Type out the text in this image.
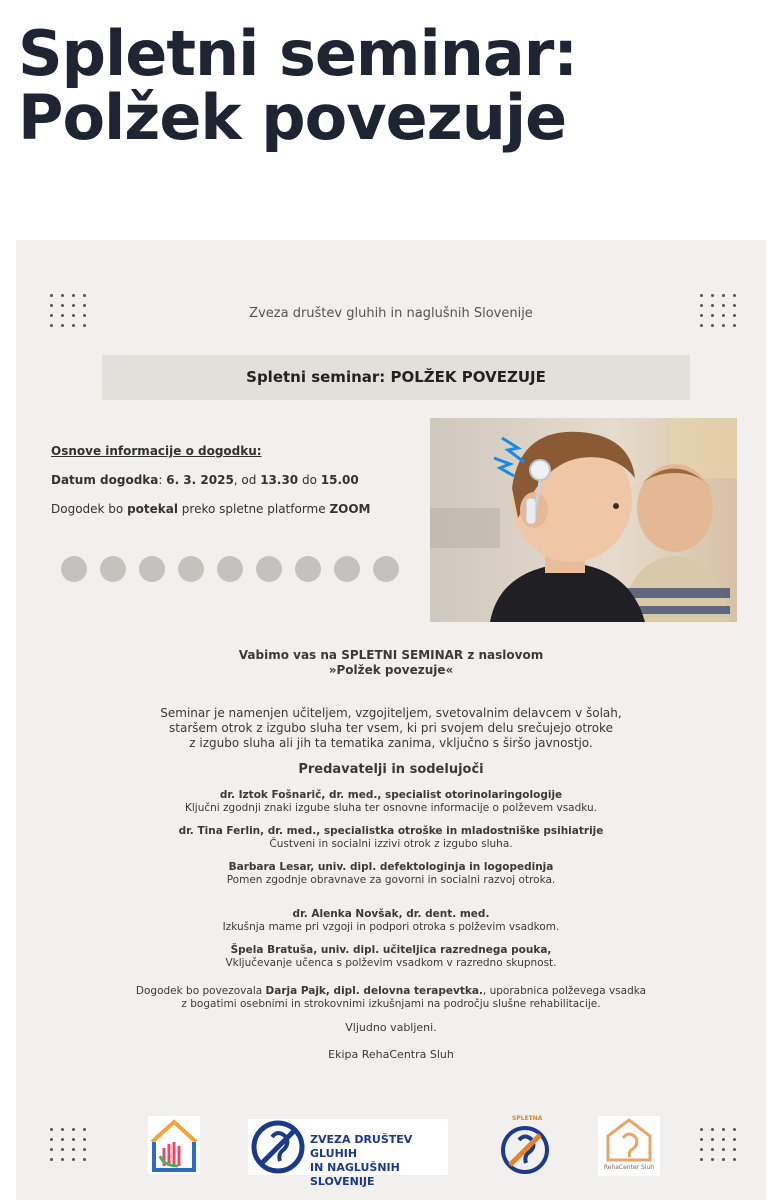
Spletni seminar:
Polžek povezuje
Zveza društev gluhih in naglušnih Slovenije
Spletni seminar: POLŽEK POVEZUJE
Osnove informacije o dogodku:
Datum dogodka: 6. 3. 2025, od 13.30 do 15.00
Dogodek bo potekal preko spletne platforme ZOOM
Vabimo vas na SPLETNI SEMINAR z naslovom
»Polžek povezuje«
Seminar je namenjen učiteljem, vzgojiteljem, svetovalnim delavcem v šolah,
staršem otrok z izgubo sluha ter vsem, ki pri svojem delu srečujejo otroke
z izgubo sluha ali jih ta tematika zanima, vključno s širšo javnostjo.
Predavatelji in sodelujoči
dr. Iztok Fošnarič, dr. med., specialist otorinolaringologije
Ključni zgodnji znaki izgube sluha ter osnovne informacije o polževem vsadku.
dr. Tina Ferlin, dr. med., specialistka otroške in mladostniške psihiatrije
Čustveni in socialni izzivi otrok z izgubo sluha.
Barbara Lesar, univ. dipl. defektologinja in logopedinja
Pomen zgodnje obravnave za govorni in socialni razvoj otroka.
dr. Alenka Novšak, dr. dent. med.
Izkušnja mame pri vzgoji in podpori otroka s polževim vsadkom.
Špela Bratuša, univ. dipl. učiteljica razrednega pouka,
Vključevanje učenca s polževim vsadkom v razredno skupnost.
Dogodek bo povezovala Darja Pajk, dipl. delovna terapevtka., uporabnica polževega vsadka
z bogatimi osebnimi in strokovnimi izkušnjami na področju slušne rehabilitacije.
Vljudno vabljeni.
Ekipa RehaCentra Sluh
ZVEZA DRUŠTEV GLUHIH
IN NAGLUŠNIH SLOVENIJE
SPLETNA
RehaCenter Sluh
